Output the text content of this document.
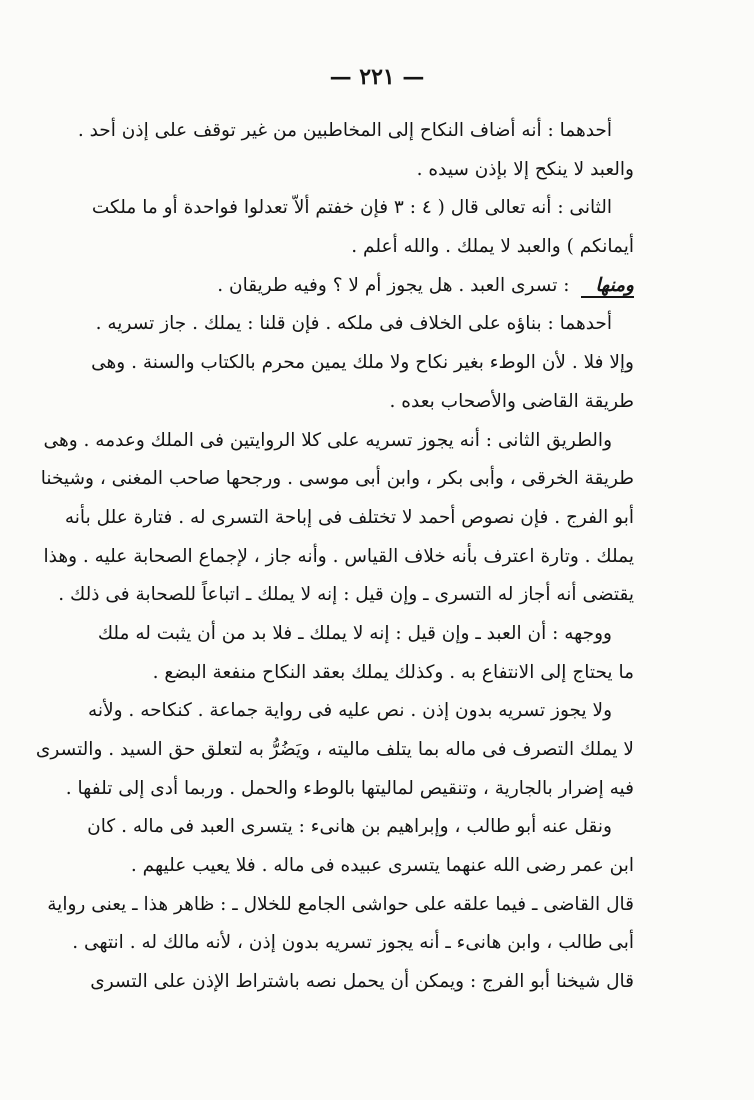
— ٢٢١ —
أحدهما : أنه أضاف النكاح إلى المخاطبين من غير توقف على إذن أحد .
والعبد لا ينكح إلا بإذن سيده .
الثانى : أنه تعالى قال ( ٤ : ٣ فإن خفتم ألاّ تعدلوا فواحدة أو ما ملكت
أيمانكم ) والعبد لا يملك . والله أعلم .
ومنها : تسرى العبد . هل يجوز أم لا ؟ وفيه طريقان .
أحدهما : بناؤه على الخلاف فى ملكه . فإن قلنا : يملك . جاز تسريه .
وإلا فلا . لأن الوطء بغير نكاح ولا ملك يمين محرم بالكتاب والسنة . وهى
طريقة القاضى والأصحاب بعده .
والطريق الثانى : أنه يجوز تسريه على كلا الروايتين فى الملك وعدمه . وهى
طريقة الخرقى ، وأبى بكر ، وابن أبى موسى . ورجحها صاحب المغنى ، وشيخنا
أبو الفرج . فإن نصوص أحمد لا تختلف فى إباحة التسرى له . فتارة علل بأنه
يملك . وتارة اعترف بأنه خلاف القياس . وأنه جاز ، لإجماع الصحابة عليه . وهذا
يقتضى أنه أجاز له التسرى ـ وإن قيل : إنه لا يملك ـ اتباعاً للصحابة فى ذلك .
ووجهه : أن العبد ـ وإن قيل : إنه لا يملك ـ فلا بد من أن يثبت له ملك
ما يحتاج إلى الانتفاع به . وكذلك يملك بعقد النكاح منفعة البضع .
ولا يجوز تسريه بدون إذن . نص عليه فى رواية جماعة . كنكاحه . ولأنه
لا يملك التصرف فى ماله بما يتلف ماليته ، ويَضُرُّ به لتعلق حق السيد . والتسرى
فيه إضرار بالجارية ، وتنقيص لماليتها بالوطء والحمل . وربما أدى إلى تلفها .
ونقل عنه أبو طالب ، وإبراهيم بن هانىء : يتسرى العبد فى ماله . كان
ابن عمر رضى الله عنهما يتسرى عبيده فى ماله . فلا يعيب عليهم .
قال القاضى ـ فيما علقه على حواشى الجامع للخلال ـ : ظاهر هذا ـ يعنى رواية
أبى طالب ، وابن هانىء ـ أنه يجوز تسريه بدون إذن ، لأنه مالك له . انتهى .
قال شيخنا أبو الفرج : ويمكن أن يحمل نصه باشتراط الإذن على التسرى
